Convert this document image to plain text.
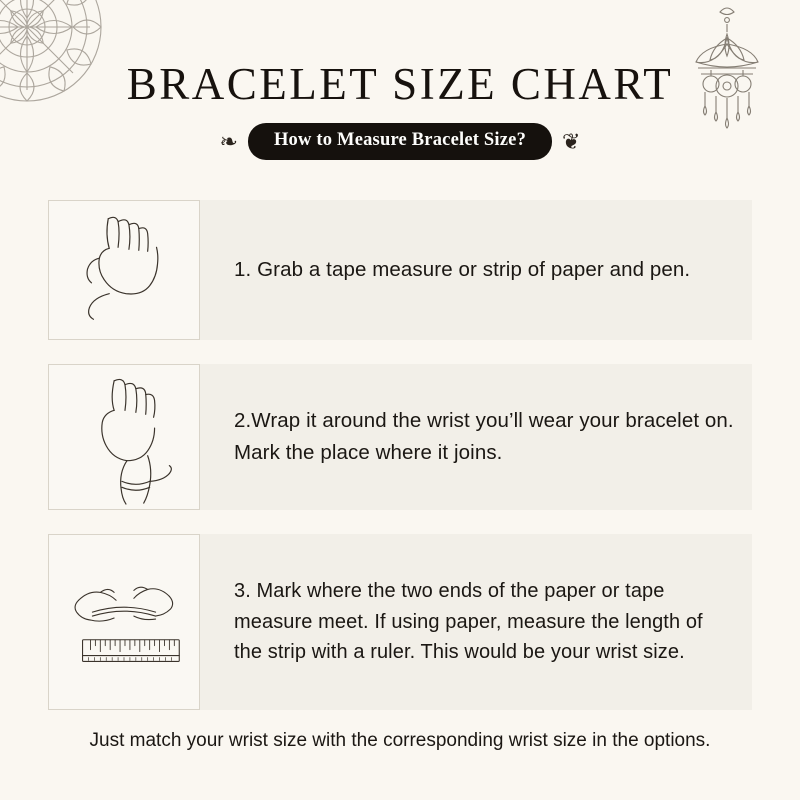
BRACELET SIZE CHART
❧	How to Measure Bracelet Size?	❦
1. Grab a tape measure or strip of paper and pen.
2.Wrap it around the wrist you’ll wear your bracelet on. Mark the place where it joins.
3. Mark where the two ends of the paper or tape measure meet. If using paper, measure the length of the strip with a ruler. This would be your wrist size.
Just match your wrist size with the corresponding wrist size in the options.
